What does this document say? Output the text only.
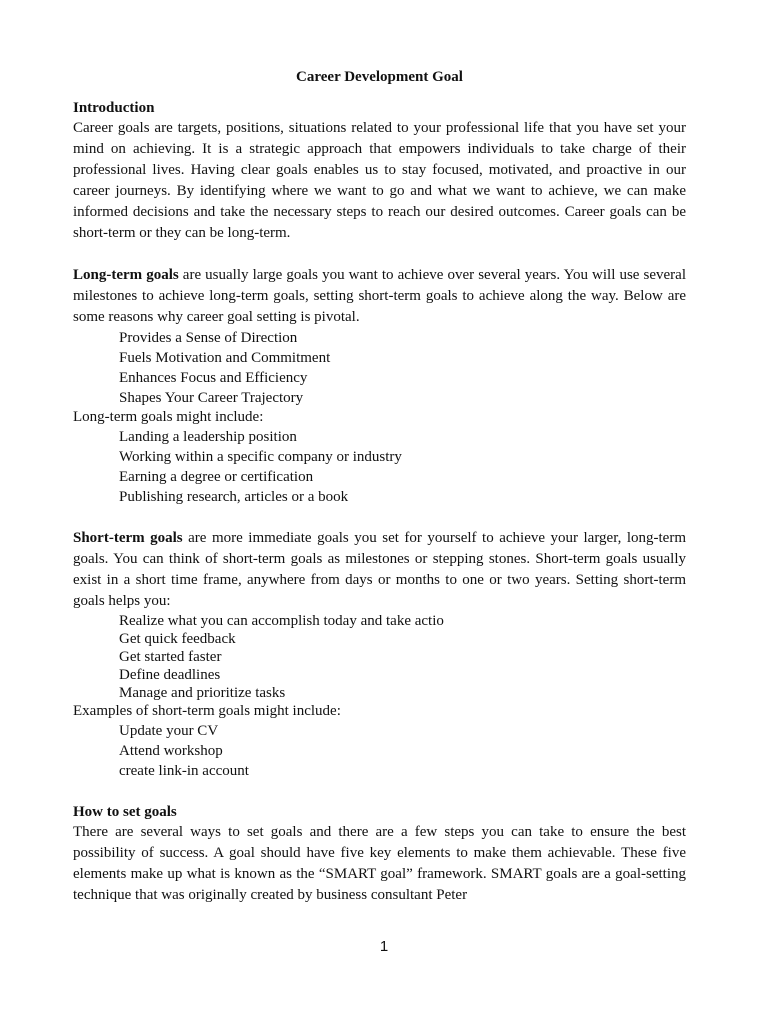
Career Development Goal
Introduction

Career goals are targets, positions, situations related to your professional life that you have set your mind on achieving. It is a strategic approach that empowers individuals to take charge of their professional lives. Having clear goals enables us to stay focused, motivated, and proactive in our career journeys. By identifying where we want to go and what we want to achieve, we can make informed decisions and take the necessary steps to reach our desired outcomes. Career goals can be short-term or they can be long-term.

Long-term goals are usually large goals you want to achieve over several years. You will use several milestones to achieve long-term goals, setting short-term goals to achieve along the way. Below are some reasons why career goal setting is pivotal.

Provides a Sense of Direction
Fuels Motivation and Commitment
Enhances Focus and Efficiency
Shapes Your Career Trajectory
Long-term goals might include:
Landing a leadership position
Working within a specific company or industry
Earning a degree or certification
Publishing research, articles or a book

Short-term goals are more immediate goals you set for yourself to achieve your larger, long-term goals. You can think of short-term goals as milestones or stepping stones. Short-term goals usually exist in a short time frame, anywhere from days or months to one or two years. Setting short-term goals helps you:

Realize what you can accomplish today and take actio
Get quick feedback
Get started faster
Define deadlines
Manage and prioritize tasks
Examples of short-term goals might include:
Update your CV
Attend workshop
create link-in account
How to set goals

There are several ways to set goals and there are a few steps you can take to ensure the best possibility of success. A goal should have five key elements to make them achievable. These five elements make up what is known as the “SMART goal” framework. SMART goals are a goal-setting technique that was originally created by business consultant Peter

1
